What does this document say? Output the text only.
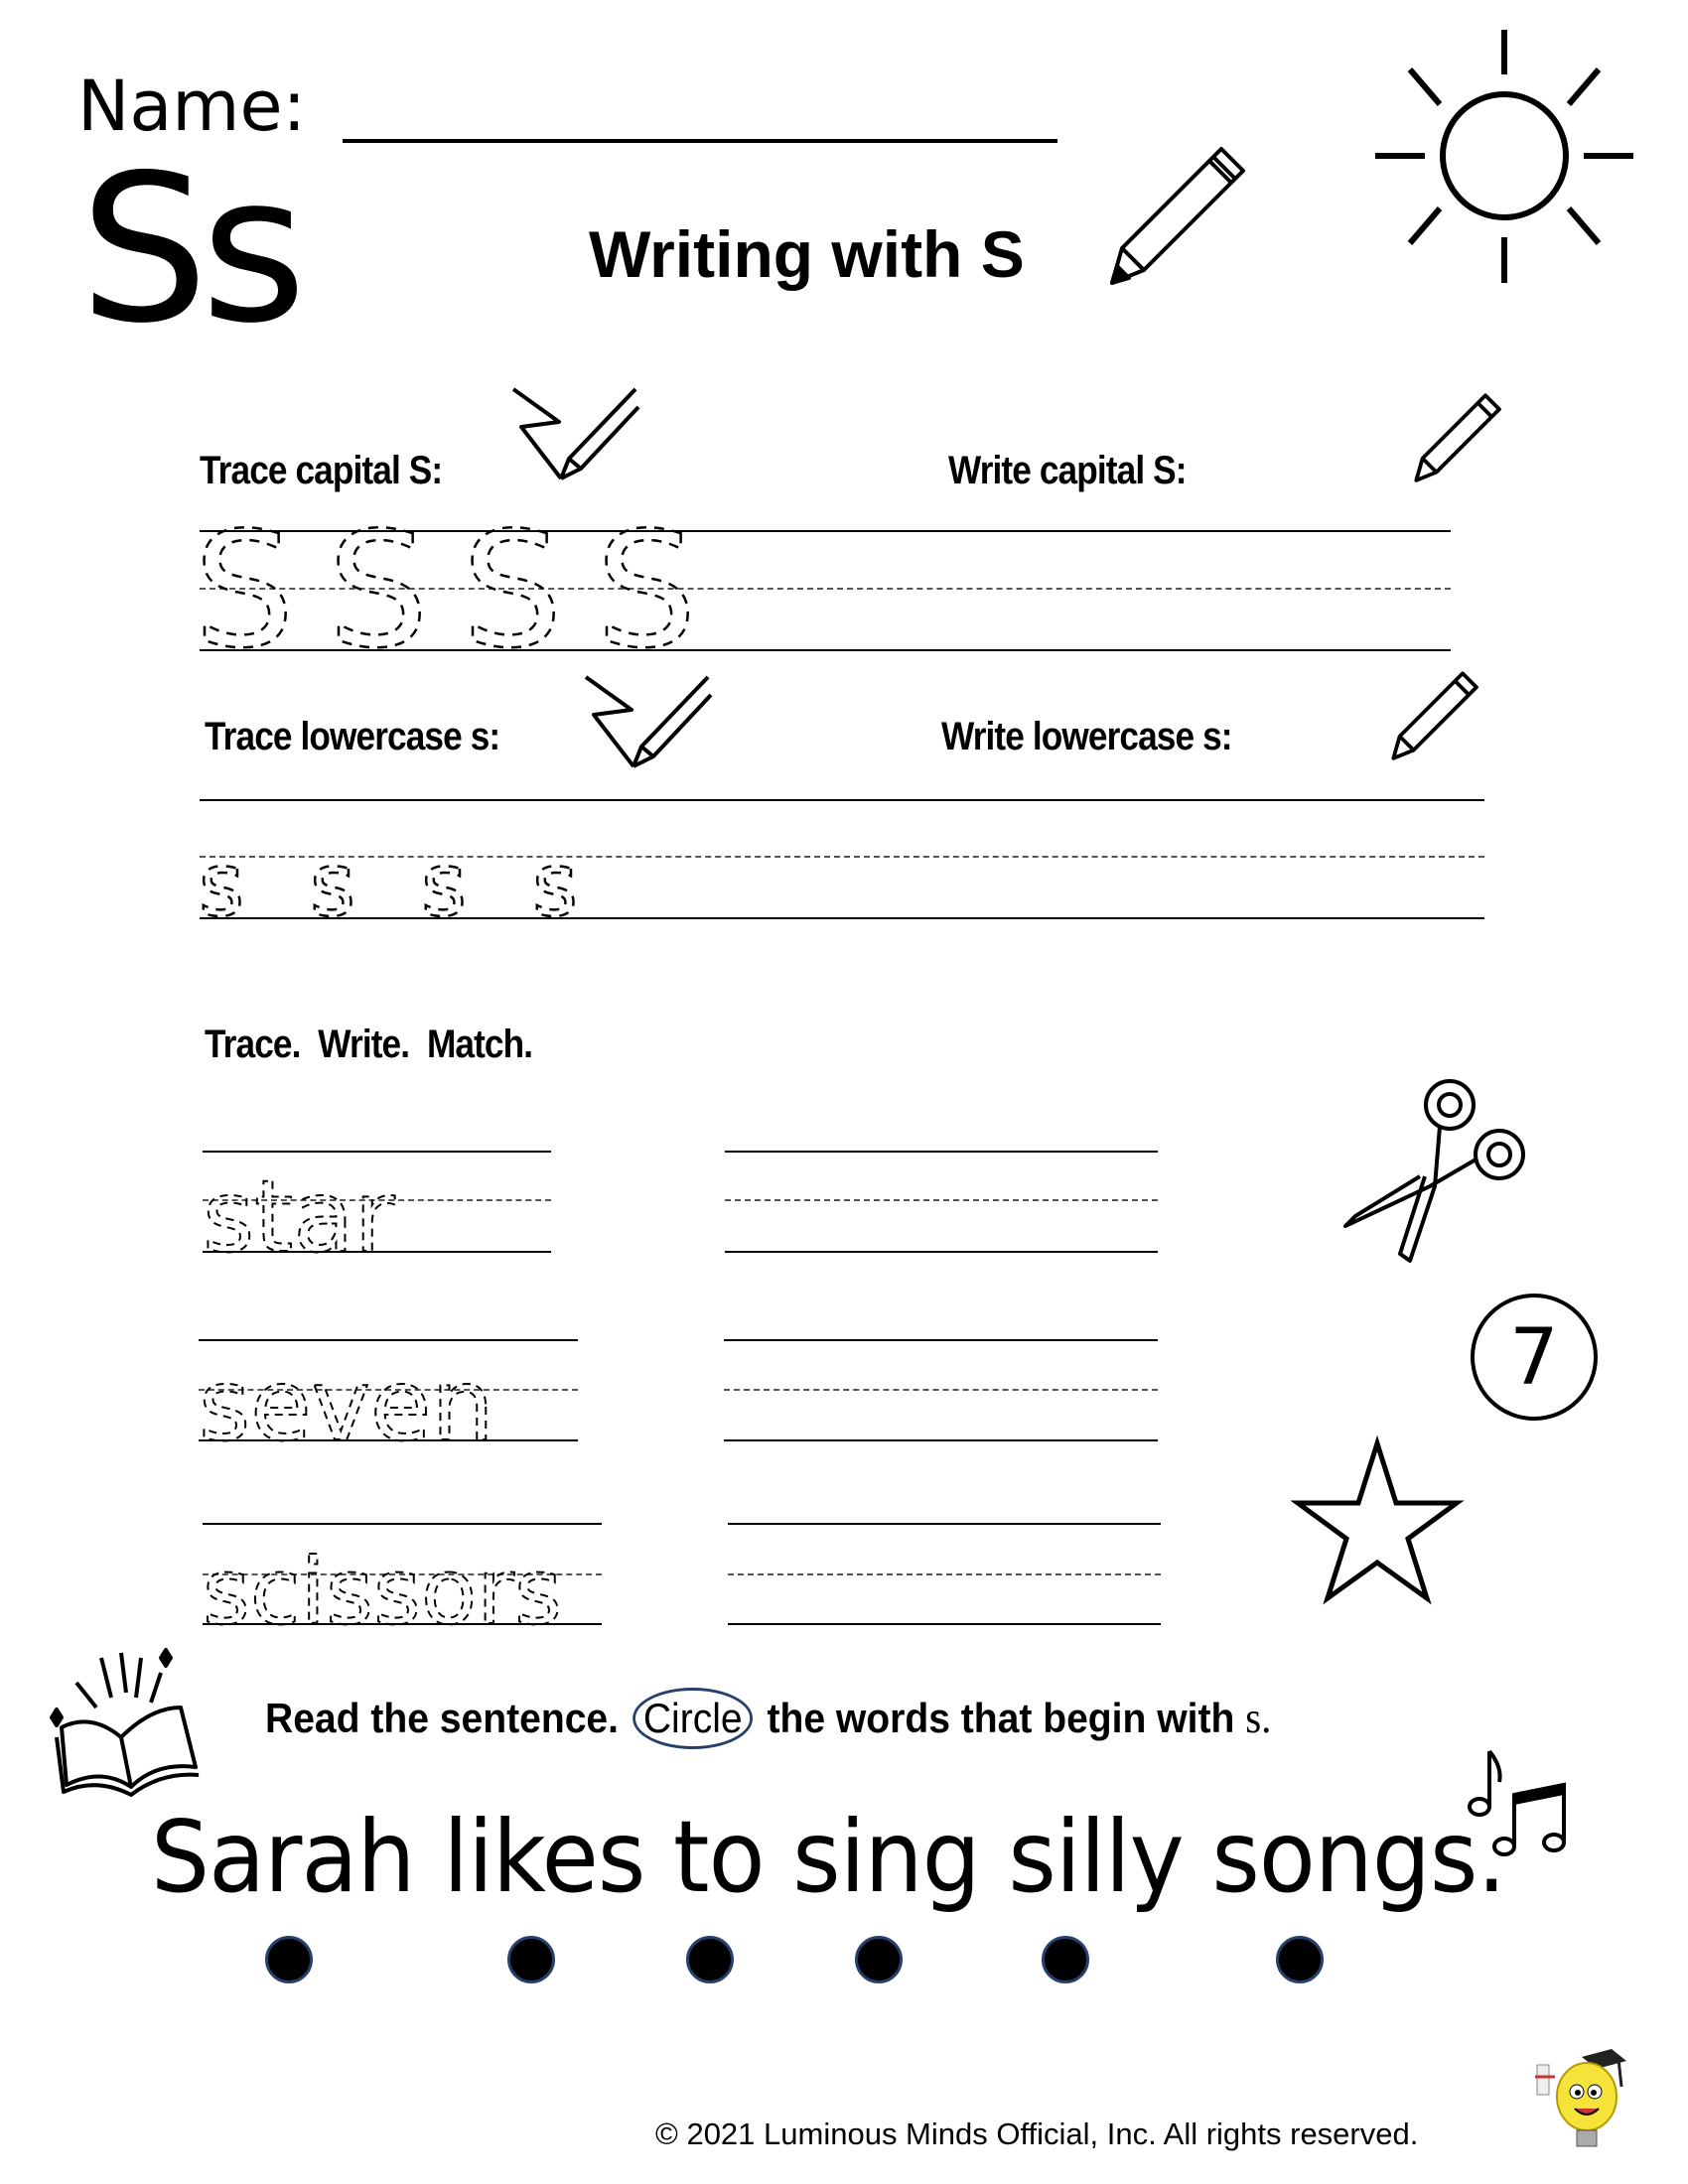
Name:
Ss	Writing with S
Trace capital S:	Write capital S:
S S S S
Trace lowercase s:	Write lowercase s:
s s s s
Trace.  Write.  Match.
star
seven
scissors
7
Read the sentence. Circle the words that begin with s.
Sarah likes to sing silly songs.
© 2021 Luminous Minds Official, Inc. All rights reserved.
